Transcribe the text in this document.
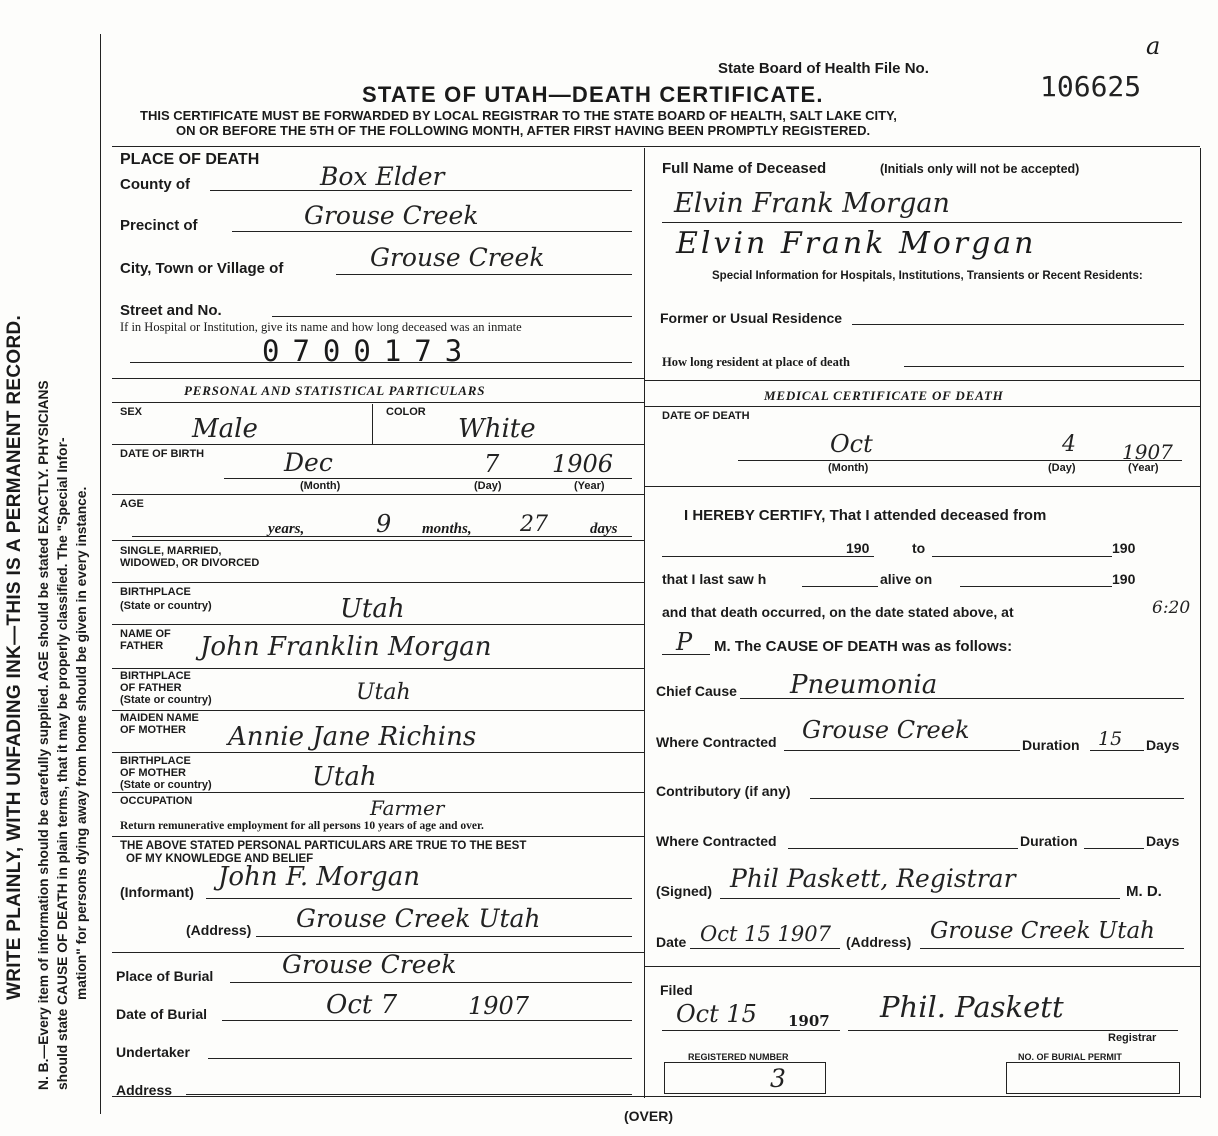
WRITE PLAINLY, WITH UNFADING INK—THIS IS A PERMANENT RECORD. N. B.—Every item of information should be carefully supplied. AGE should be stated EXACTLY. PHYSICIANS should state CAUSE OF DEATH in plain terms, that it may be properly classified. The "Special Infor- mation" for persons dying away from home should be given in every instance.
a
State Board of Health File No.
106625
STATE OF UTAH—DEATH CERTIFICATE.
THIS CERTIFICATE MUST BE FORWARDED BY LOCAL REGISTRAR TO THE STATE BOARD OF HEALTH, SALT LAKE CITY,
ON OR BEFORE THE 5TH OF THE FOLLOWING MONTH, AFTER FIRST HAVING BEEN PROMPTLY REGISTERED.
PLACE OF DEATH
County of	Box Elder
Precinct of	Grouse Creek
City, Town or Village of	Grouse Creek
Street and No.
If in Hospital or Institution, give its name and how long deceased was an inmate
0700173
PERSONAL AND STATISTICAL PARTICULARS
SEX
Male
COLOR
White
DATE OF BIRTH	Dec	7 1906
(Month)	(Day)	(Year)
AGE
years,	9 months, 27	days
SINGLE, MARRIED,
WIDOWED, OR DIVORCED
BIRTHPLACE
(State or country)	Utah
NAME OF
FATHER John Franklin Morgan
BIRTHPLACE
OF FATHER
(State or country)	Utah
MAIDEN NAME
OF MOTHER Annie Jane Richins
BIRTHPLACE
OF MOTHER
(State or country)	Utah
OCCUPATION	Farmer
Return remunerative employment for all persons 10 years of age and over.
THE ABOVE STATED PERSONAL PARTICULARS ARE TRUE TO THE BEST
OF MY KNOWLEDGE AND BELIEF
(Informant) John F. Morgan
(Address) Grouse Creek Utah
Place of Burial	Grouse Creek
Date of Burial	Oct 7	1907
Undertaker
Address
(OVER)
Full Name of Deceased	(Initials only will not be accepted)
Elvin Frank Morgan
Elvin Frank Morgan
Special Information for Hospitals, Institutions, Transients or Recent Residents:
Former or Usual Residence
How long resident at place of death
MEDICAL CERTIFICATE OF DEATH
DATE OF DEATH
Oct	4 1907
(Month)	(Day)	(Year)
I HEREBY CERTIFY, That I attended deceased from
190	to	190
that I last saw h	alive on	190
and that death occurred, on the date stated above, at	6:20
P M. The CAUSE OF DEATH was as follows:
Chief Cause Pneumonia
Where Contracted Grouse Creek
Duration 15 Days
Contributory (if any)
Where Contracted	Duration	Days
(Signed) Phil Paskett, Registrar	M. D.
Date Oct 15 1907 (Address) Grouse Creek Utah
Filed
Oct 15 1907 Phil. Paskett
Registrar
REGISTERED NUMBER
3
NO. OF BURIAL PERMIT
